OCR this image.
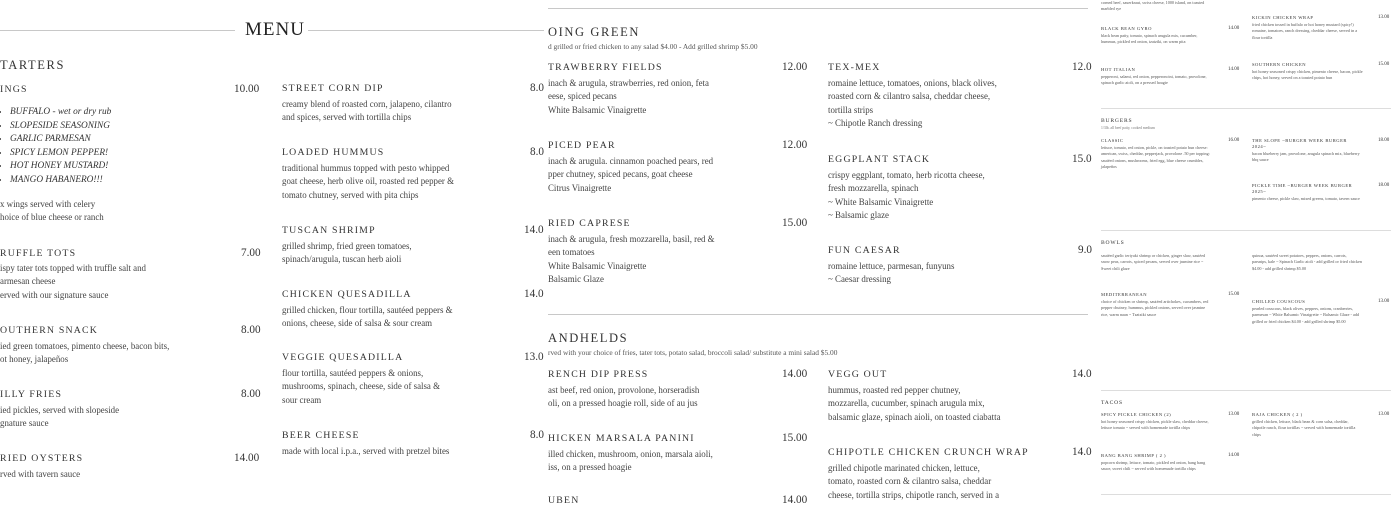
MENU
TARTERS
INGS	10.00
• BUFFALO - wet or dry rub
• SLOPESIDE SEASONING
• GARLIC PARMESAN
• SPICY LEMON PEPPER!
• HOT HONEY MUSTARD!
• MANGO HABANERO!!!
x wings served with celery
hoice of blue cheese or ranch
RUFFLE TOTS	7.00
ispy tater tots topped with truffle salt and
armesan cheese
erved with our signature sauce
OUTHERN SNACK	8.00
ied green tomatoes, pimento cheese, bacon bits,
ot honey, jalapeños
ILLY FRIES	8.00
ied pickles, served with slopeside
gnature sauce
RIED OYSTERS	14.00
rved with tavern sauce
STREET CORN DIP	8.0
creamy blend of roasted corn, jalapeno, cilantro
and spices, served with tortilla chips
LOADED HUMMUS	8.0
traditional hummus topped with pesto whipped
goat cheese, herb olive oil, roasted red pepper &
tomato chutney, served with pita chips
TUSCAN SHRIMP	14.0
grilled shrimp, fried green tomatoes,
spinach/arugula, tuscan herb aioli
CHICKEN QUESADILLA	14.0
grilled chicken, flour tortilla, sautéed peppers &
onions, cheese, side of salsa & sour cream
VEGGIE QUESADILLA	13.0
flour tortilla, sautéed peppers & onions,
mushrooms, spinach, cheese, side of salsa &
sour cream
BEER CHEESE	8.0
made with local i.p.a., served with pretzel bites
OING GREEN
d grilled or fried chicken to any salad $4.00 - Add grilled shrimp $5.00
TRAWBERRY FIELDS	12.00
inach & arugula, strawberries, red onion, feta
eese, spiced pecans
White Balsamic Vinaigrette
PICED PEAR	12.00
inach & arugula. cinnamon poached pears, red
pper chutney, spiced pecans, goat cheese
Citrus Vinaigrette
RIED CAPRESE	15.00
inach & arugula, fresh mozzarella, basil, red &
een tomatoes
White Balsamic Vinaigrette
Balsamic Glaze
TEX-MEX	12.0
romaine lettuce, tomatoes, onions, black olives,
roasted corn & cilantro salsa, cheddar cheese,
tortilla strips
~ Chipotle Ranch dressing
EGGPLANT STACK	15.0
crispy eggplant, tomato, herb ricotta cheese,
fresh mozzarella, spinach
~ White Balsamic Vinaigrette
~ Balsamic glaze
FUN CAESAR	9.0
romaine lettuce, parmesan, funyuns
~ Caesar dressing
ANDHELDS
rved with your choice of fries, tater tots, potato salad, broccoli salad/ substitute a mini salad $5.00
RENCH DIP PRESS	14.00
ast beef, red onion, provolone, horseradish
oli, on a pressed hoagie roll, side of au jus
HICKEN MARSALA PANINI	15.00
illed chicken, mushroom, onion, marsala aioli,
iss, on a pressed hoagie
UBEN	14.00
VEGG OUT	14.0
hummus, roasted red pepper chutney,
mozzarella, cucumber, spinach arugula mix,
balsamic glaze, spinach aioli, on toasted ciabatta
CHIPOTLE CHICKEN CRUNCH WRAP	14.0
grilled chipotle marinated chicken, lettuce,
tomato, roasted corn & cilantro salsa, cheddar
cheese, tortilla strips, chipotle ranch, served in a
corned beef, sauerkraut, swiss cheese, 1000 island, on toasted marbled rye
BLACK BEAN GYRO	14.00
black bean patty, tomato, spinach arugula mix, cucumber, hummus, pickled red onion, tzatziki, on warm pita
HOT ITALIAN	14.00
pepperoni, salami, red onion, pepperoncini, tomato, provolone, spinach garlic aioli, on a pressed hoagie
KICKIN CHICKEN WRAP	13.00
fried chicken tossed in buffalo or hot honey mustard (spicy!) romaine, tomatoes, ranch dressing, cheddar cheese, served in a flour tortilla
SOUTHERN CHICKEN	15.00
hot honey seasoned crispy chicken, pimento cheese, bacon, pickle chips, hot honey, served on a toasted potato bun
BURGERS
1/3lb. all beef patty, cooked medium
CLASSIC	16.00
lettuce, tomato, red onion, pickle, on toasted potato bun cheese: american, swiss, cheddar, pepperjack, provolone .50 per topping: sautéed onions, mushrooms, fried egg, blue cheese crumbles, jalapeños
THE SLOPE ~BURGER WEEK BURGER 2024~
18.00
bacon blueberry jam, provolone, arugula spinach mix, blueberry bbq sauce
PICKLE TIME ~BURGER WEEK BURGER 2025~
18.00
pimento cheese, pickle slaw, mixed greens, tomato, tavern sauce
BOWLS
sautéed garlic teriyaki shrimp or chicken, ginger slaw, sautéed snow peas, carrots, spiced pecans, served over jasmine rice ~ Sweet chili glaze
MEDITERRANEAN	15.00
choice of chicken or shrimp, sautéed artichokes, cucumbers, red pepper chutney, hummus, pickled onions, served over jasmine rice, warm naan ~ Tzatziki sauce
quinoa, sautéed sweet potatoes, peppers, onions, carrots, parsnips, kale ~ Spinach Garlic aioli - add grilled or fried chicken $4.00 - add grilled shrimp $5.00
CHILLED COUSCOUS	13.00
pearled couscous, black olives, peppers, onions, cranberries, parmesan ~ White Balsamic Vinaigrette ~ Balsamic Glaze - add grilled or fried chicken $4.00 - add grilled shrimp $5.00
TACOS
SPICY PICKLE CHICKEN (2)	13.00
hot honey seasoned crispy chicken, pickle slaw, cheddar cheese, lettuce tomato ~ served with homemade tortilla chips
BANG BANG SHRIMP ( 2 )	14.00
popcorn shrimp, lettuce, tomato, pickled red onion, bang bang sauce, sweet chili ~ served with homemade tortilla chips
BAJA CHICKEN ( 2 )	13.00
grilled chicken, lettuce, black bean & corn salsa, cheddar, chipotle ranch, flour tortillas ~ served with homemade tortilla chips
